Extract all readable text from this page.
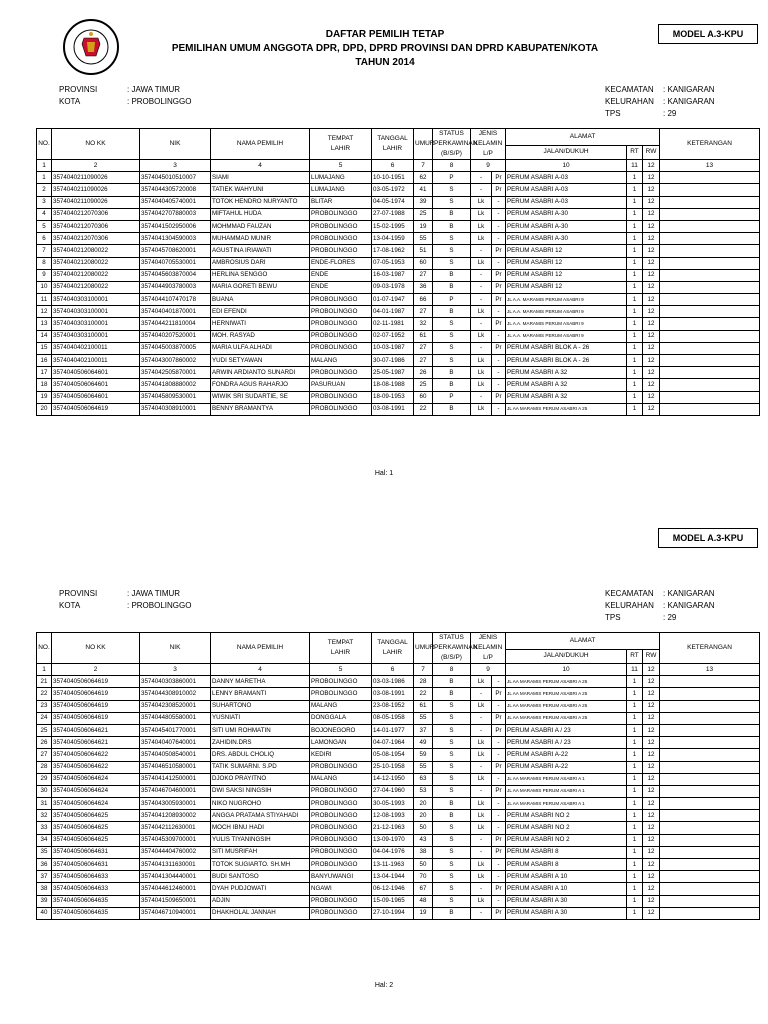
MODEL A.3-KPU
DAFTAR PEMILIH TETAP
PEMILIHAN UMUM ANGGOTA DPR, DPD, DPRD PROVINSI DAN DPRD KABUPATEN/KOTA
TAHUN 2014
PROVINSI	: JAWA TIMUR
KOTA	: PROBOLINGGO
KECAMATAN : KANIGARAN
KELURAHAN : KANIGARAN
TPS	: 29
NO.	NO KK	NIK	NAMA PEMILIH	TEMPAT
LAHIR	TANGGAL
LAHIR	UMUR	STATUS
PERKAWINAN
(B/S/P)	JENIS
KELAMIN
L/P		ALAMAT			KETERANGAN
										JALAN/DUKUH	RT	RW	
1	2	3	4	5	6	7	8	9		10	11	12	13
1	3574040211090026	3574045010510007	SIAMI	LUMAJANG	10-10-1951	62	P	-	Pr	PERUM ASABRI A-03	1	12	
2	3574040211090026	3574044305720008	TATIEK WAHYUNI	LUMAJANG	03-05-1972	41	S	-	Pr	PERUM ASABRI A-03	1	12	
3	3574040211090026	3574040405740001	TOTOK HENDRO NURYANTO	BLITAR	04-05-1974	39	S	Lk	-	PERUM ASABRI A-03	1	12	
4	3574040212070306	3574042707880003	MIFTAHUL HUDA	PROBOLINGGO	27-07-1988	25	B	Lk	-	PERUM ASABRI A-30	1	12	
5	3574040212070306	3574041502950006	MOHMMAD FAUZAN	PROBOLINGGO	15-02-1995	19	B	Lk	-	PERUM ASABRI A-30	1	12	
6	3574040212070306	3574041304590003	MUHAMMAD MUNIR	PROBOLINGGO	13-04-1959	55	S	Lk	-	PERUM ASABRI A-30	1	12	
7	3574040212080022	3574045708620001	AGUSTINA IRIAWATI	PROBOLINGGO	17-08-1962	51	S	-	Pr	PERUM ASABRI 12	1	12	
8	3574040212080022	3574040705530001	AMBROSIUS DARI	ENDE-FLORES	07-05-1953	60	S	Lk	-	PERUM ASABRI 12	1	12	
9	3574040212080022	3574045603870004	HERLINA SENGGO	ENDE	16-03-1987	27	B	-	Pr	PERUM ASABRI 12	1	12	
10	3574040212080022	3574044903780003	MARIA GORETI BEWU	ENDE	09-03-1978	36	B	-	Pr	PERUM ASABRI 12	1	12	
11	3574040303100001	3574044107470178	BUANA	PROBOLINGGO	01-07-1947	66	P	-	Pr	JL A.A. MARAMIS PERUM ASABRI 9	1	12	
12	3574040303100001	3574040401870001	EDI EFENDI	PROBOLINGGO	04-01-1987	27	B	Lk	-	JL A.A. MARAMIS PERUM ASABRI 9	1	12	
13	3574040303100001	3574044211810004	HERNIWATI	PROBOLINGGO	02-11-1981	32	S	-	Pr	JL A.A. MARAMIS PERUM ASABRI 9	1	12	
14	3574040303100001	3574040207520001	MOH. RASYAD	PROBOLINGGO	02-07-1952	61	S	Lk	-	JL A.A. MARAMIS PERUM ASABRI 9	1	12	
15	3574040402100011	3574045003870005	MARIA ULFA ALHADI	PROBOLINGGO	10-03-1987	27	S	-	Pr	PERUM ASABRI BLOK A - 26	1	12	
16	3574040402100011	3574043007860002	YUDI SETYAWAN	MALANG	30-07-1986	27	S	Lk	-	PERUM ASABRI BLOK A - 26	1	12	
17	3574040506064601	3574042505870001	ARWIN ARDIANTO SUNARDI	PROBOLINGGO	25-05-1987	26	B	Lk	-	PERUM ASABRI A 32	1	12	
18	3574040506064601	3574041808880002	FONDRA AGUS RAHARJO	PASURUAN	18-08-1988	25	B	Lk	-	PERUM ASABRI A 32	1	12	
19	3574040506064601	3574045809530001	WIWIK SRI SUDARTIE, SE	PROBOLINGGO	18-09-1953	60	P	-	Pr	PERUM ASABRI A 32	1	12	
20	3574040506064619	3574040308910001	BENNY BRAMANTYA	PROBOLINGGO	03-08-1991	22	B	Lk	-	JL AA MARAMIS PERUM ASABRI A 25	1	12	
Hal: 1
MODEL A.3-KPU
PROVINSI	: JAWA TIMUR
KOTA	: PROBOLINGGO
KECAMATAN : KANIGARAN
KELURAHAN : KANIGARAN
TPS	: 29
NO.	NO KK	NIK	NAMA PEMILIH	TEMPAT
LAHIR	TANGGAL
LAHIR	UMUR	STATUS
PERKAWINAN
(B/S/P)	JENIS
KELAMIN
L/P		ALAMAT			KETERANGAN
										JALAN/DUKUH	RT	RW	
1	2	3	4	5	6	7	8	9		10	11	12	13
21	3574040506064619	3574040303860001	DANNY MARETHA	PROBOLINGGO	03-03-1986	28	B	Lk	-	JL AA MARAMIS PERUM ASABRI A 25	1	12	
22	3574040506064619	3574044308910002	LENNY BRAMANTI	PROBOLINGGO	03-08-1991	22	B	-	Pr	JL AA MARAMIS PERUM ASABRI A 25	1	12	
23	3574040506064619	3574042308520001	SUHARTONO	MALANG	23-08-1952	61	S	Lk	-	JL AA MARAMIS PERUM ASABRI A 25	1	12	
24	3574040506064619	3574044805580001	YUSNIATI	DONGGALA	08-05-1958	55	S	-	Pr	JL AA MARAMIS PERUM ASABRI A 25	1	12	
25	3574040506064621	3574045401770001	SITI UMI ROHMATIN	BOJONEGORO	14-01-1977	37	S	-	Pr	PERUM ASABRI A / 23	1	12	
26	3574040506064621	3574040407640001	ZAHIDIN.DRS	LAMONGAN	04-07-1964	49	S	Lk	-	PERUM ASABRI A / 23	1	12	
27	3574040506064622	3574040508540001	DRS. ABDUL CHOLIQ	KEDIRI	05-08-1954	59	S	Lk	-	PERUM ASABRI A-22	1	12	
28	3574040506064622	3574046510580001	TATIK SUMARNI. S.PD	PROBOLINGGO	25-10-1958	55	S	-	Pr	PERUM ASABRI A-22	1	12	
29	3574040506064624	3574041412500001	DJOKO PRAYITNO	MALANG	14-12-1950	63	S	Lk	-	JL AA MARAMIS PERUM ASABRI A 1	1	12	
30	3574040506064624	3574046704600001	DWI SAKSI NINGSIH	PROBOLINGGO	27-04-1960	53	S	-	Pr	JL AA MARAMIS PERUM ASABRI A 1	1	12	
31	3574040506064624	3574043005930001	NIKO NUGROHO	PROBOLINGGO	30-05-1993	20	B	Lk	-	JL AA MARAMIS PERUM ASABRI A 1	1	12	
32	3574040506064625	3574041208930002	ANGGA PRATAMA STIYAHADI	PROBOLINGGO	12-08-1993	20	B	Lk	-	PERUM ASABRI NO 2	1	12	
33	3574040506064625	3574042112630001	MOCH IBNU HADI	PROBOLINGGO	21-12-1963	50	S	Lk	-	PERUM ASABRI NO 2	1	12	
34	3574040506064625	3574045309700001	YULIS TIYANINGSIH	PROBOLINGGO	13-09-1970	43	S	-	Pr	PERUM ASABRI NO 2	1	12	
35	3574040506064631	3574044404760002	SITI MUSRIFAH	PROBOLINGGO	04-04-1976	38	S	-	Pr	PERUM ASABRI 8	1	12	
36	3574040506064631	3574041311630001	TOTOK SUGIARTO. SH.MH	PROBOLINGGO	13-11-1963	50	S	Lk	-	PERUM ASABRI 8	1	12	
37	3574040506064633	3574041304440001	BUDI SANTOSO	BANYUWANGI	13-04-1944	70	S	Lk	-	PERUM ASABRI A 10	1	12	
38	3574040506064633	3574044612460001	DYAH PUDJOWATI	NGAWI	06-12-1946	67	S	-	Pr	PERUM ASABRI A 10	1	12	
39	3574040506064635	3574041509650001	ADJIN	PROBOLINGGO	15-09-1965	48	S	Lk	-	PERUM ASABRI A 30	1	12	
40	3574040506064635	3574046710940001	DHAKHOLAL JANNAH	PROBOLINGGO	27-10-1994	19	B	-	Pr	PERUM ASABRI A 30	1	12	
Hal: 2
